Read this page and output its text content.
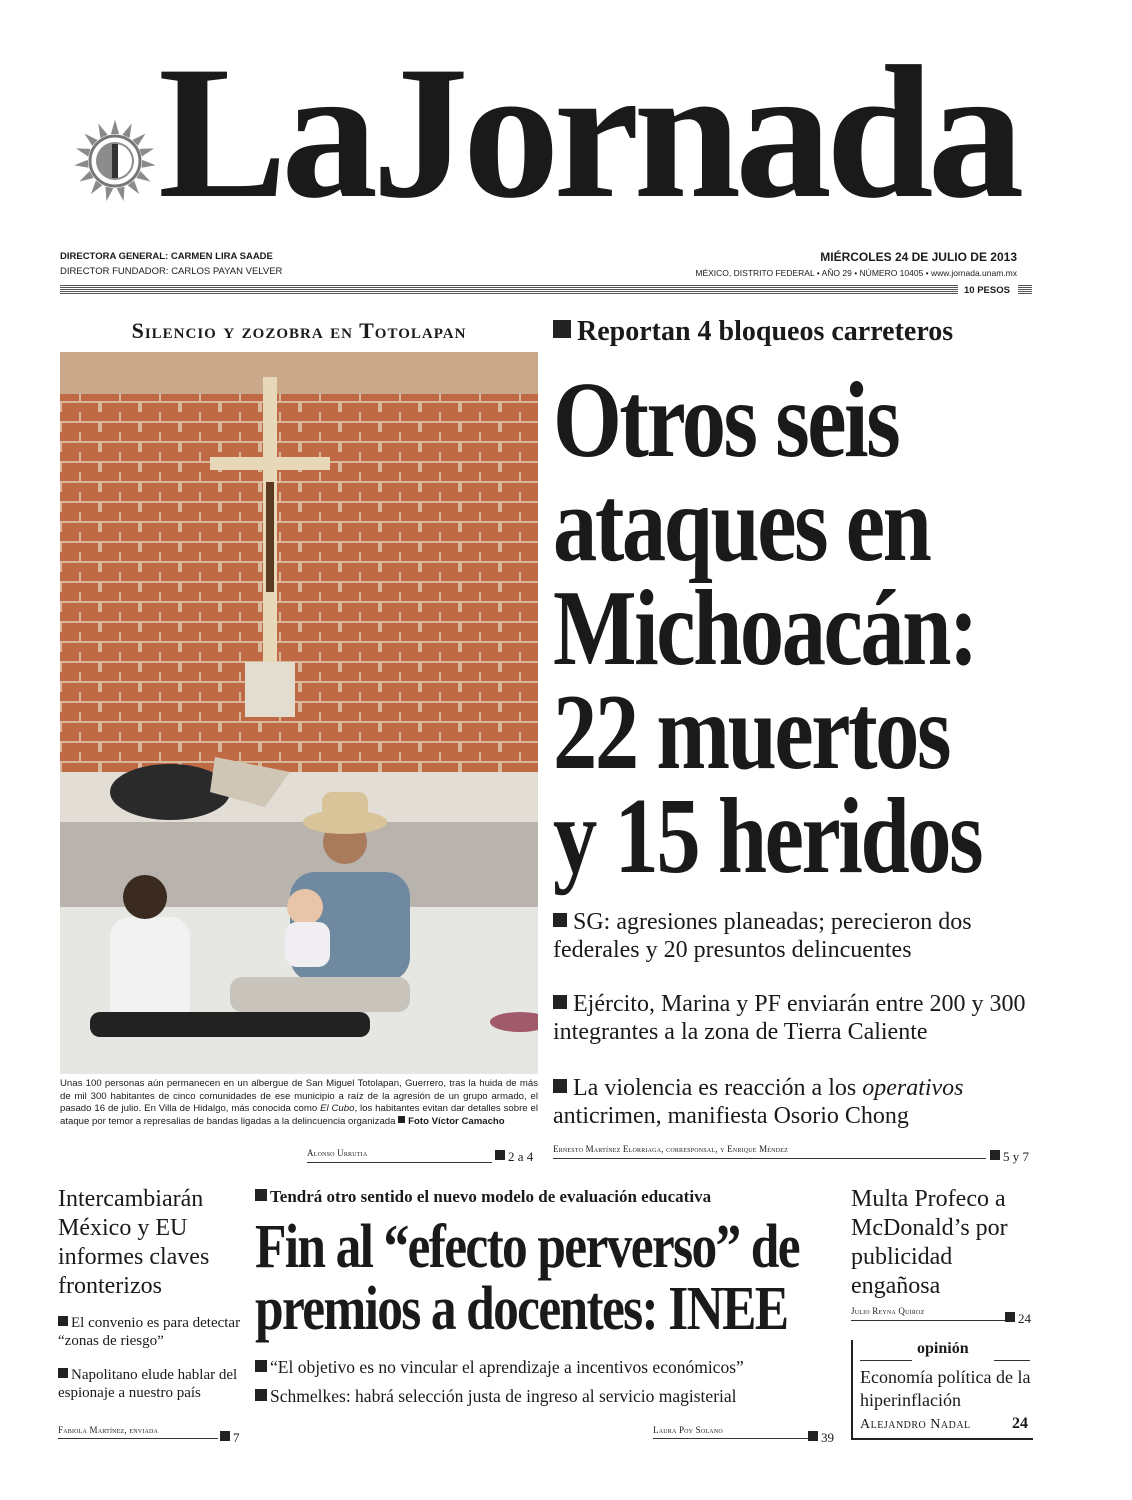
LaJornada
DIRECTORA GENERAL: CARMEN LIRA SAADE
DIRECTOR FUNDADOR: CARLOS PAYAN VELVER
MIÉRCOLES 24 DE JULIO DE 2013
MÉXICO, DISTRITO FEDERAL • AÑO 29 • NÚMERO 10405 • www.jornada.unam.mx
10 PESOS
Silencio y zozobra en Totolapan
Unas 100 personas aún permanecen en un albergue de San Miguel Totolapan, Guerrero, tras la huida de más de mil 300 habitantes de cinco comunidades de ese municipio a raíz de la agresión de un grupo armado, el pasado 16 de julio. En Villa de Hidalgo, más conocida como El Cubo, los habitantes evitan dar detalles sobre el ataque por temor a represalias de bandas ligadas a la delincuencia organizada Foto Víctor Camacho
Alonso Urrutia	2 a 4
Reportan 4 bloqueos carreteros
Otros seis
ataques en
Michoacán:
22 muertos
y 15 heridos
SG: agresiones planeadas; perecieron dos federales y 20 presuntos delincuentes
Ejército, Marina y PF enviarán entre 200 y 300 integrantes a la zona de Tierra Caliente
La violencia es reacción a los operativos anticrimen, manifiesta Osorio Chong
Ernesto Martínez Elorriaga, corresponsal, y Enrique Méndez	5 y 7
Intercambiarán México y EU informes claves fronterizos
El convenio es para detectar “zonas de riesgo”
Napolitano elude hablar del espionaje a nuestro país
Fabiola Martínez, enviada	7
Tendrá otro sentido el nuevo modelo de evaluación educativa
Fin al “efecto perverso” de
premios a docentes: INEE
“El objetivo es no vincular el aprendizaje a incentivos económicos”
Schmelkes: habrá selección justa de ingreso al servicio magisterial
Laura Poy Solano	39
Multa Profeco a McDonald’s por publicidad engañosa
Julio Reyna Quiroz	24
opinión
Economía política de la hiperinflación
Alejandro Nadal	24
